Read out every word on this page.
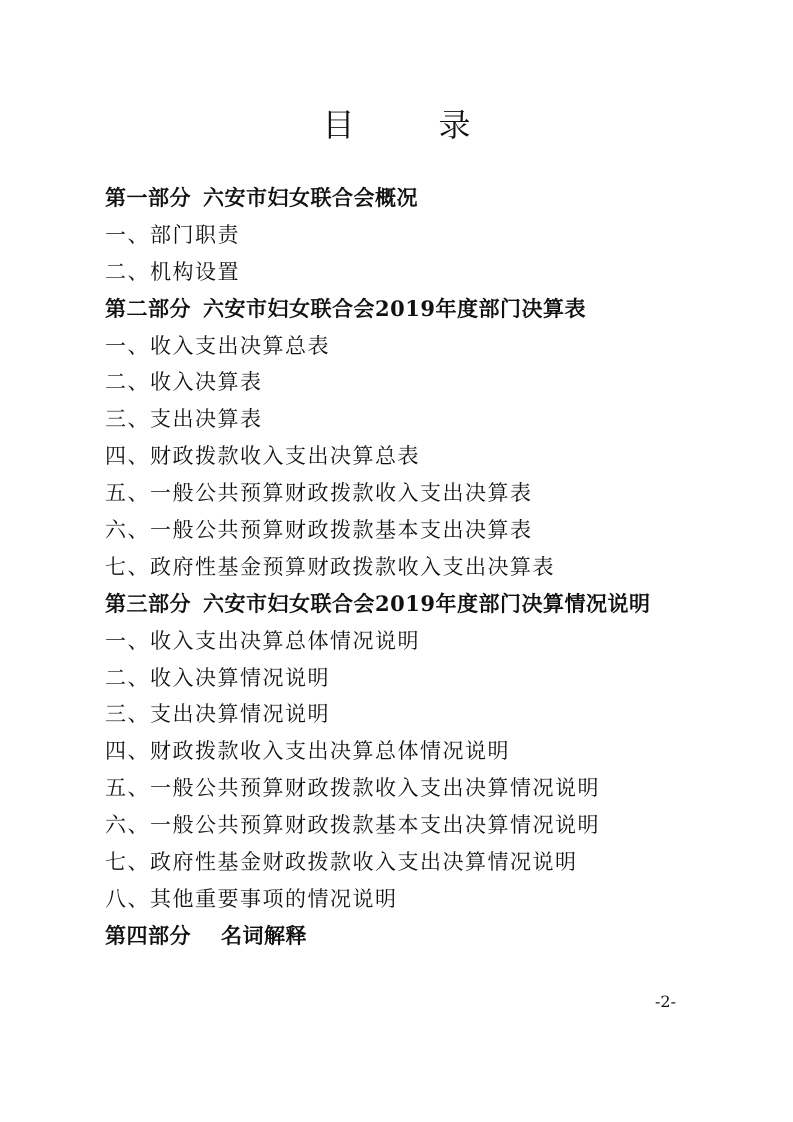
目　录
第一部分 六安市妇女联合会概况
一、部门职责
二、机构设置
第二部分 六安市妇女联合会2019年度部门决算表
一、收入支出决算总表
二、收入决算表
三、支出决算表
四、财政拨款收入支出决算总表
五、一般公共预算财政拨款收入支出决算表
六、一般公共预算财政拨款基本支出决算表
七、政府性基金预算财政拨款收入支出决算表
第三部分 六安市妇女联合会2019年度部门决算情况说明
一、收入支出决算总体情况说明
二、收入决算情况说明
三、支出决算情况说明
四、财政拨款收入支出决算总体情况说明
五、一般公共预算财政拨款收入支出决算情况说明
六、一般公共预算财政拨款基本支出决算情况说明
七、政府性基金财政拨款收入支出决算情况说明
八、其他重要事项的情况说明
第四部分 名词解释
-2-
